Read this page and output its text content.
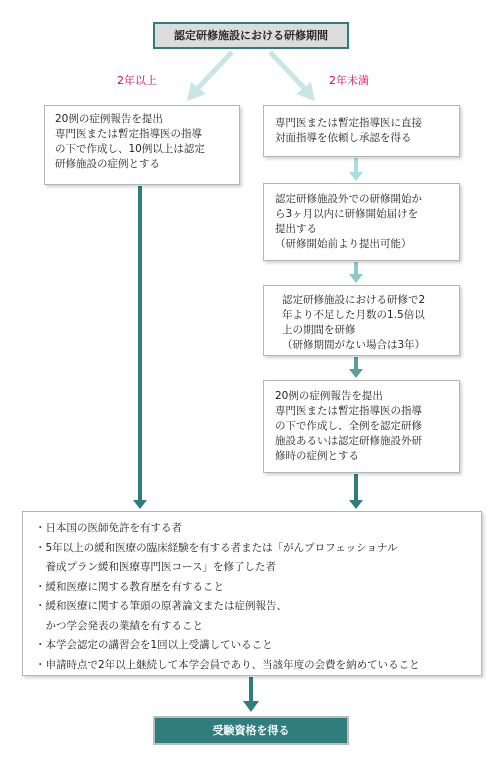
認定研修施設における研修期間
2年以上	2年未満
20例の症例報告を提出
専門医または暫定指導医の指導
の下で作成し、10例以上は認定
研修施設の症例とする
専門医または暫定指導医に直接
対面指導を依頼し承認を得る
認定研修施設外での研修開始か
ら3ヶ月以内に研修開始届けを
提出する
（研修開始前より提出可能）
認定研修施設における研修で2
年より不足した月数の1.5倍以
上の期間を研修
（研修期間がない場合は3年）
20例の症例報告を提出
専門医または暫定指導医の指導
の下で作成し、全例を認定研修
施設あるいは認定研修施設外研
修時の症例とする
・日本国の医師免許を有する者
・5年以上の緩和医療の臨床経験を有する者または「がんプロフェッショナル
　養成プラン緩和医療専門医コース」を修了した者
・緩和医療に関する教育歴を有すること
・緩和医療に関する筆頭の原著論文または症例報告、
　かつ学会発表の業績を有すること
・本学会認定の講習会を1回以上受講していること
・申請時点で2年以上継続して本学会員であり、当該年度の会費を納めていること
受験資格を得る
